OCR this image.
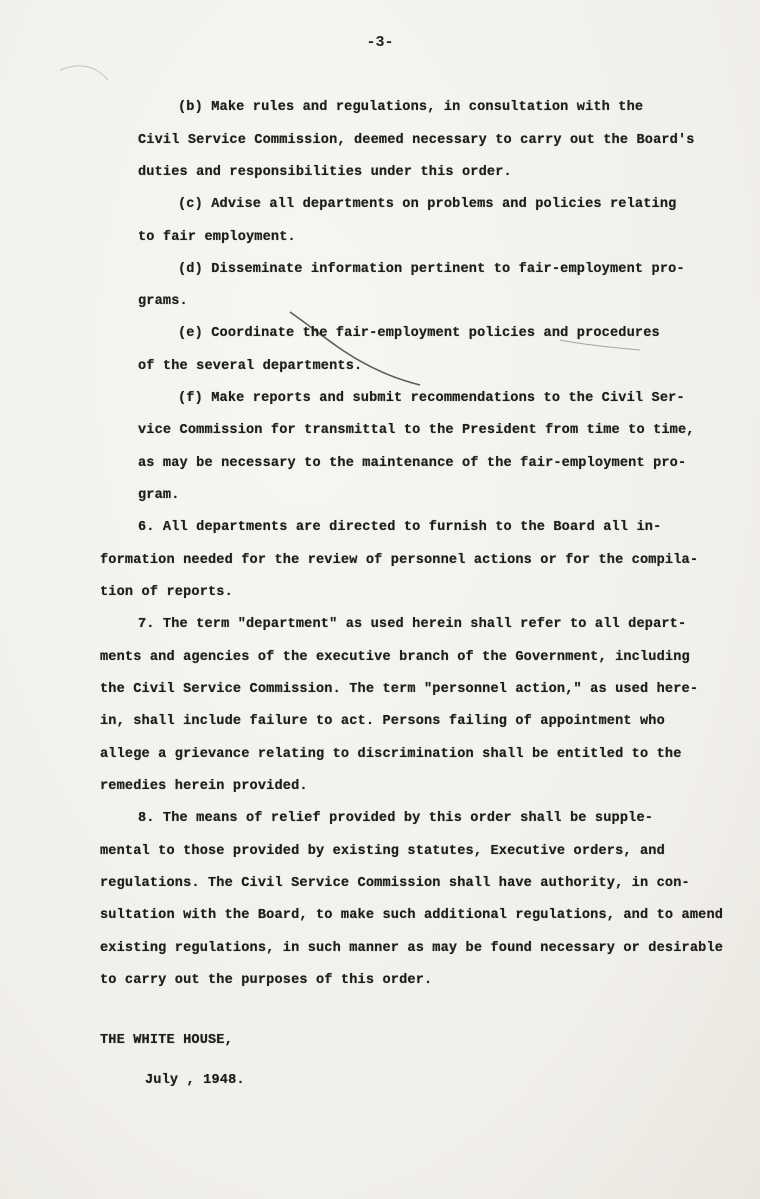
-3-
(b) Make rules and regulations, in consultation with the
Civil Service Commission, deemed necessary to carry out the Board's
duties and responsibilities under this order.
(c) Advise all departments on problems and policies relating
to fair employment.
(d) Disseminate information pertinent to fair-employment pro-
grams.
(e) Coordinate the fair-employment policies and procedures
of the several departments.
(f) Make reports and submit recommendations to the Civil Ser-
vice Commission for transmittal to the President from time to time,
as may be necessary to the maintenance of the fair-employment pro-
gram.
6. All departments are directed to furnish to the Board all in-
formation needed for the review of personnel actions or for the compila-
tion of reports.
7. The term "department" as used herein shall refer to all depart-
ments and agencies of the executive branch of the Government, including
the Civil Service Commission. The term "personnel action," as used here-
in, shall include failure to act. Persons failing of appointment who
allege a grievance relating to discrimination shall be entitled to the
remedies herein provided.
8. The means of relief provided by this order shall be supple-
mental to those provided by existing statutes, Executive orders, and
regulations. The Civil Service Commission shall have authority, in con-
sultation with the Board, to make such additional regulations, and to amend
existing regulations, in such manner as may be found necessary or desirable
to carry out the purposes of this order.
THE WHITE HOUSE,
July , 1948.
